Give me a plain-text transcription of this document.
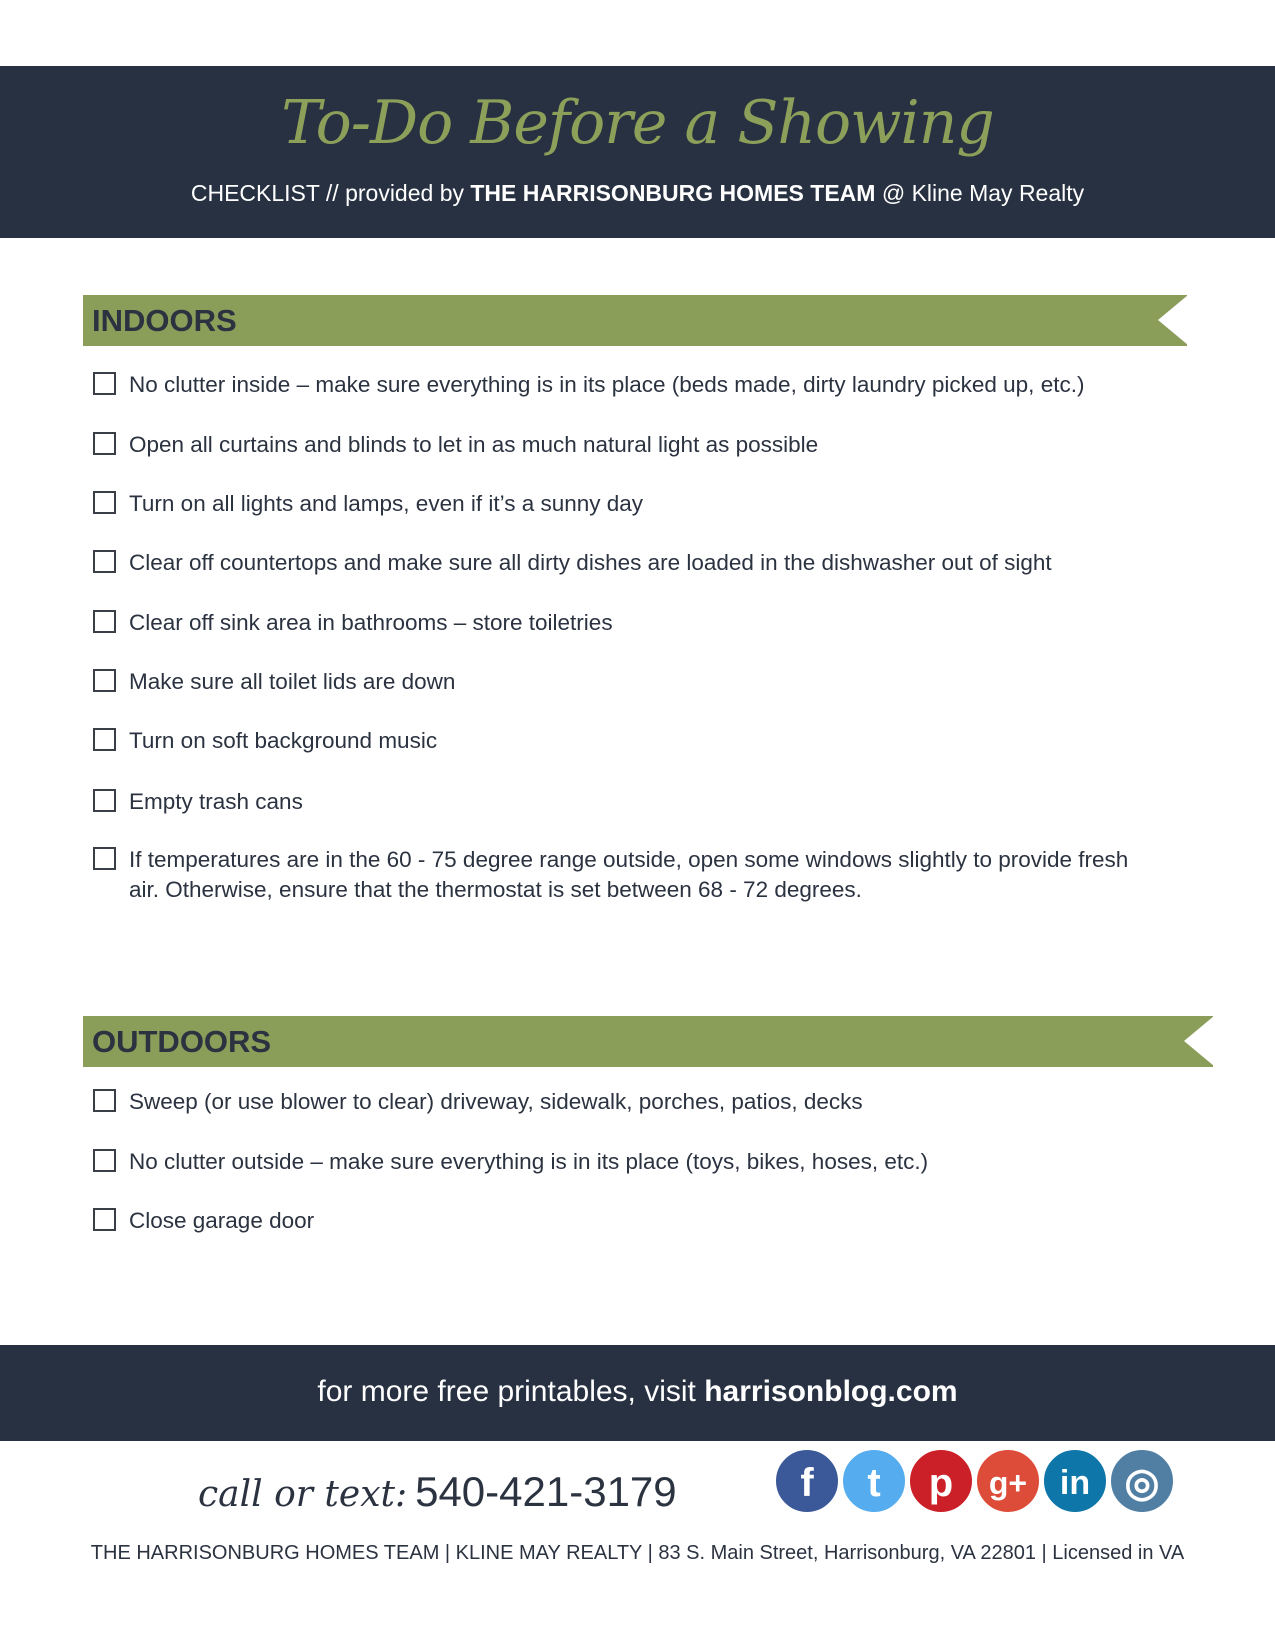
To-Do Before a Showing
CHECKLIST // provided by THE HARRISONBURG HOMES TEAM @ Kline May Realty
INDOORS
No clutter inside – make sure everything is in its place (beds made, dirty laundry picked up, etc.)
Open all curtains and blinds to let in as much natural light as possible
Turn on all lights and lamps, even if it’s a sunny day
Clear off countertops and make sure all dirty dishes are loaded in the dishwasher out of sight
Clear off sink area in bathrooms – store toiletries
Make sure all toilet lids are down
Turn on soft background music
Empty trash cans
If temperatures are in the 60 - 75 degree range outside, open some windows slightly to provide fresh air. Otherwise, ensure that the thermostat is set between 68 - 72 degrees.
OUTDOORS
Sweep (or use blower to clear) driveway, sidewalk, porches, patios, decks
No clutter outside – make sure everything is in its place (toys, bikes, hoses, etc.)
Close garage door
for more free printables, visit harrisonblog.com
call or text: 540-421-3179	f	t	p	g+ in ◎
THE HARRISONBURG HOMES TEAM | KLINE MAY REALTY | 83 S. Main Street, Harrisonburg, VA 22801 | Licensed in VA
